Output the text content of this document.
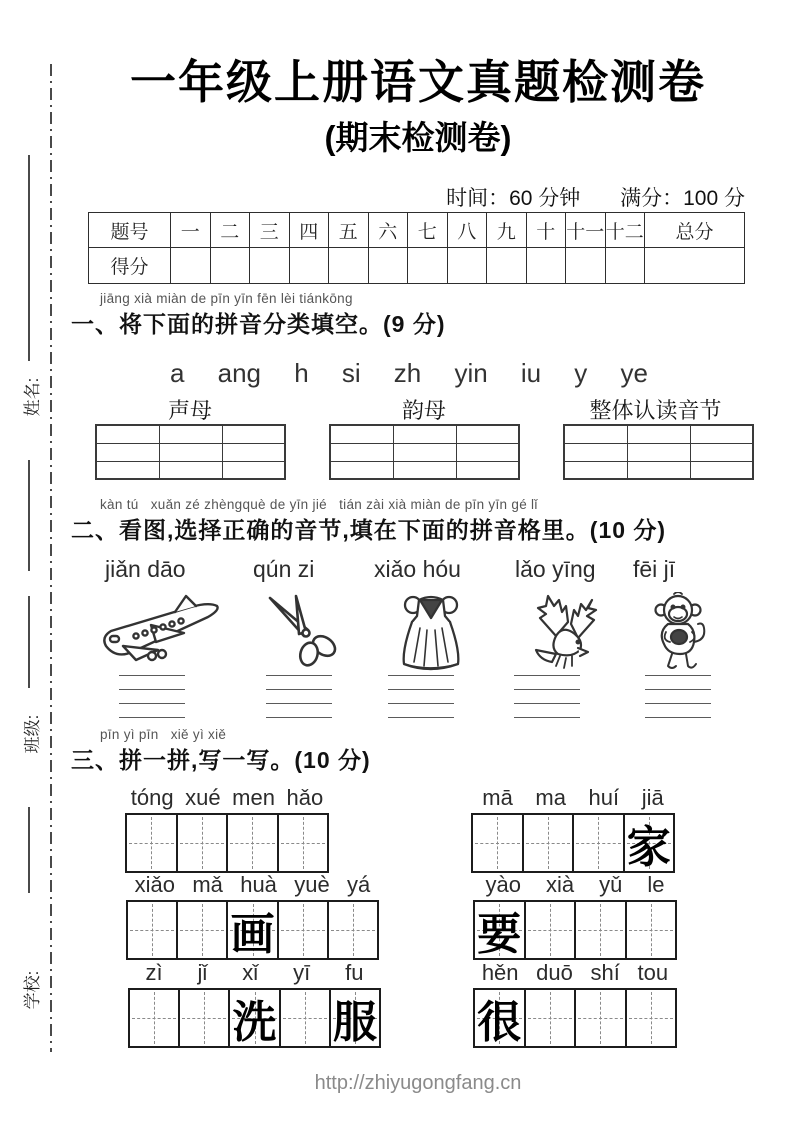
姓名:
班级:
学校:
一年级上册语文真题检测卷
(期末检测卷)
时间：60 分钟 满分：100 分
题号	一	二	三	四	五	六	七	八	九	十	十一	十二	总分
得分													
jiāng xià miàn de pīn yīn fēn lèi tiánkōng
一、将下面的拼音分类填空。(9 分)
a ang h si zh yin iu y ye
声母	韵母	整体认读音节

kàn tú   xuǎn zé zhèngquè de yīn jié   tián zài xià miàn de pīn yīn gé lǐ
二、看图,选择正确的音节,填在下面的拼音格里。(10 分)
jiǎn dāo	qún zi	xiǎo hóu lǎo yīng fēi jī
pīn yì pīn   xiě yì xiě
三、拼一拼,写一写。(10 分)
tóng xué men hǎo	mā ma huí jiā
家
xiǎo mǎ huà yuè yá
画
yào xià yǔ le
要
zì jǐ xǐ yī fu
洗 服
hěn duō shí tou
很
http://zhiyugongfang.cn
